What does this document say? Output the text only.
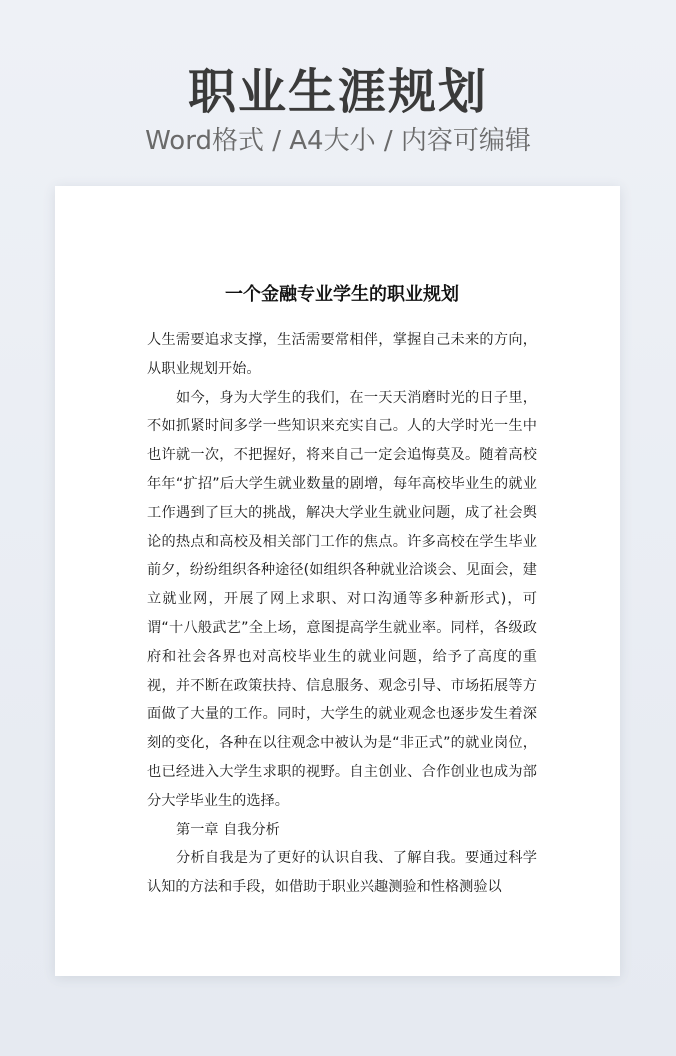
职业生涯规划
Word格式 / A4大小 / 内容可编辑
一个金融专业学生的职业规划

人生需要追求支撑，生活需要常相伴，掌握自己未来的方向，从职业规划开始。

如今，身为大学生的我们，在一天天消磨时光的日子里，不如抓紧时间多学一些知识来充实自己。人的大学时光一生中也许就一次，不把握好，将来自己一定会追悔莫及。随着高校年年“扩招”后大学生就业数量的剧增，每年高校毕业生的就业工作遇到了巨大的挑战，解决大学业生就业问题，成了社会舆论的热点和高校及相关部门工作的焦点。许多高校在学生毕业前夕，纷纷组织各种途径(如组织各种就业洽谈会、见面会，建立就业网，开展了网上求职、对口沟通等多种新形式)，可谓“十八般武艺”全上场，意图提高学生就业率。同样，各级政府和社会各界也对高校毕业生的就业问题，给予了高度的重视，并不断在政策扶持、信息服务、观念引导、市场拓展等方面做了大量的工作。同时，大学生的就业观念也逐步发生着深刻的变化，各种在以往观念中被认为是“非正式”的就业岗位，也已经进入大学生求职的视野。自主创业、合作创业也成为部分大学毕业生的选择。

第一章 自我分析

分析自我是为了更好的认识自我、了解自我。要通过科学认知的方法和手段，如借助于职业兴趣测验和性格测验以
